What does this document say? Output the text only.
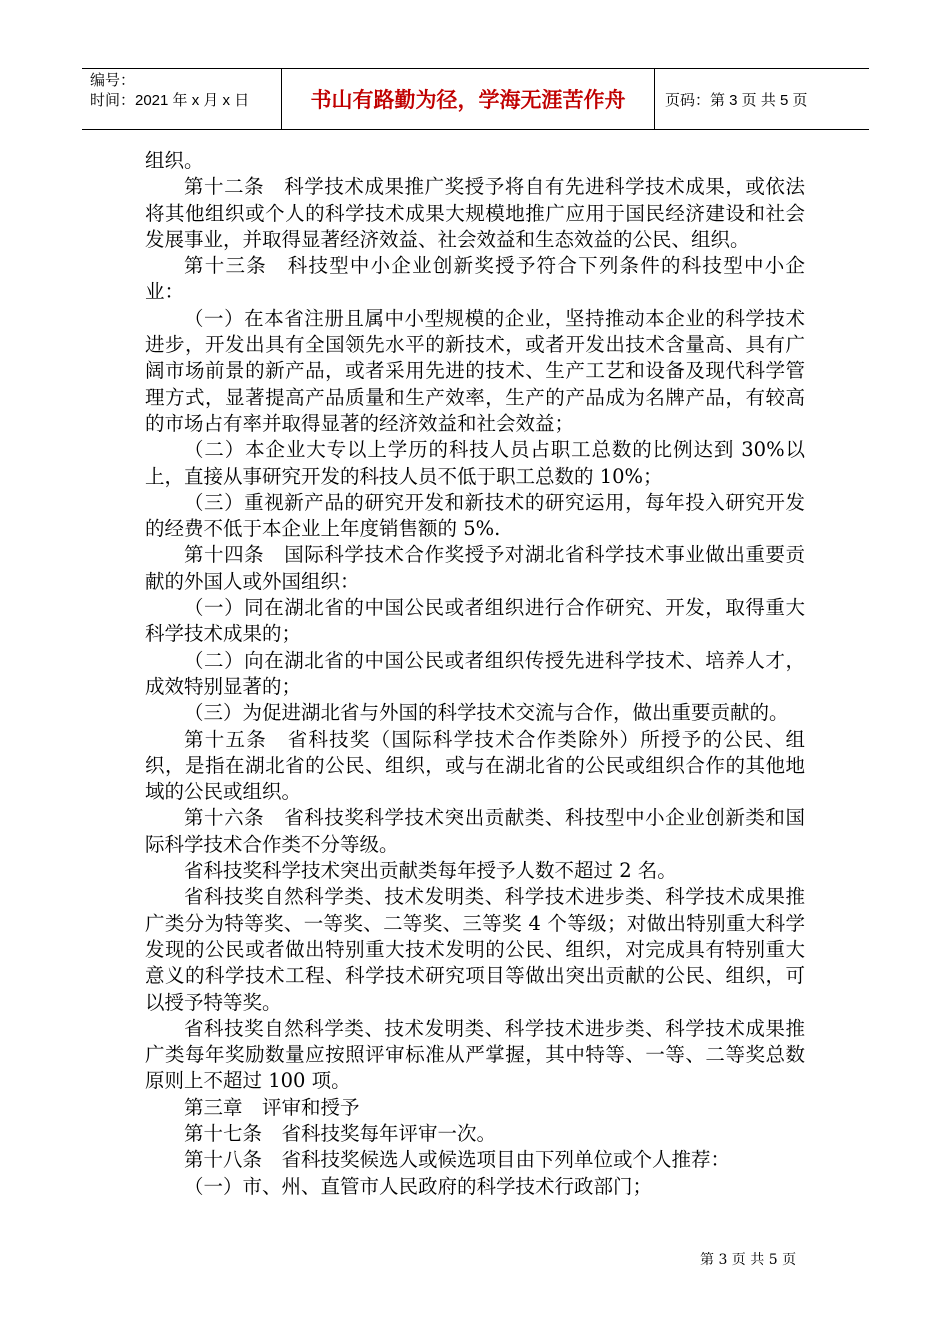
编号：
时间：2021 年 x 月 x 日	书山有路勤为径，学海无涯苦作舟	页码：第 3 页 共 5 页

组织。

第十二条　科学技术成果推广奖授予将自有先进科学技术成果，或依法将其他组织或个人的科学技术成果大规模地推广应用于国民经济建设和社会发展事业，并取得显著经济效益、社会效益和生态效益的公民、组织。

第十三条　科技型中小企业创新奖授予符合下列条件的科技型中小企业：

（一）在本省注册且属中小型规模的企业，坚持推动本企业的科学技术进步，开发出具有全国领先水平的新技术，或者开发出技术含量高、具有广阔市场前景的新产品，或者采用先进的技术、生产工艺和设备及现代科学管理方式，显著提高产品质量和生产效率，生产的产品成为名牌产品，有较高的市场占有率并取得显著的经济效益和社会效益；

（二）本企业大专以上学历的科技人员占职工总数的比例达到 30%以上，直接从事研究开发的科技人员不低于职工总数的 10%；

（三）重视新产品的研究开发和新技术的研究运用，每年投入研究开发的经费不低于本企业上年度销售额的 5%.

第十四条　国际科学技术合作奖授予对湖北省科学技术事业做出重要贡献的外国人或外国组织：

（一）同在湖北省的中国公民或者组织进行合作研究、开发，取得重大科学技术成果的；

（二）向在湖北省的中国公民或者组织传授先进科学技术、培养人才，成效特别显著的；

（三）为促进湖北省与外国的科学技术交流与合作，做出重要贡献的。

第十五条　省科技奖（国际科学技术合作类除外）所授予的公民、组织，是指在湖北省的公民、组织，或与在湖北省的公民或组织合作的其他地域的公民或组织。

第十六条　省科技奖科学技术突出贡献类、科技型中小企业创新类和国际科学技术合作类不分等级。

省科技奖科学技术突出贡献类每年授予人数不超过 2 名。

省科技奖自然科学类、技术发明类、科学技术进步类、科学技术成果推广类分为特等奖、一等奖、二等奖、三等奖 4 个等级；对做出特别重大科学发现的公民或者做出特别重大技术发明的公民、组织，对完成具有特别重大意义的科学技术工程、科学技术研究项目等做出突出贡献的公民、组织，可以授予特等奖。

省科技奖自然科学类、技术发明类、科学技术进步类、科学技术成果推广类每年奖励数量应按照评审标准从严掌握，其中特等、一等、二等奖总数原则上不超过 100 项。

第三章　评审和授予

第十七条　省科技奖每年评审一次。

第十八条　省科技奖候选人或候选项目由下列单位或个人推荐：

（一）市、州、直管市人民政府的科学技术行政部门；

第 3 页 共 5 页
